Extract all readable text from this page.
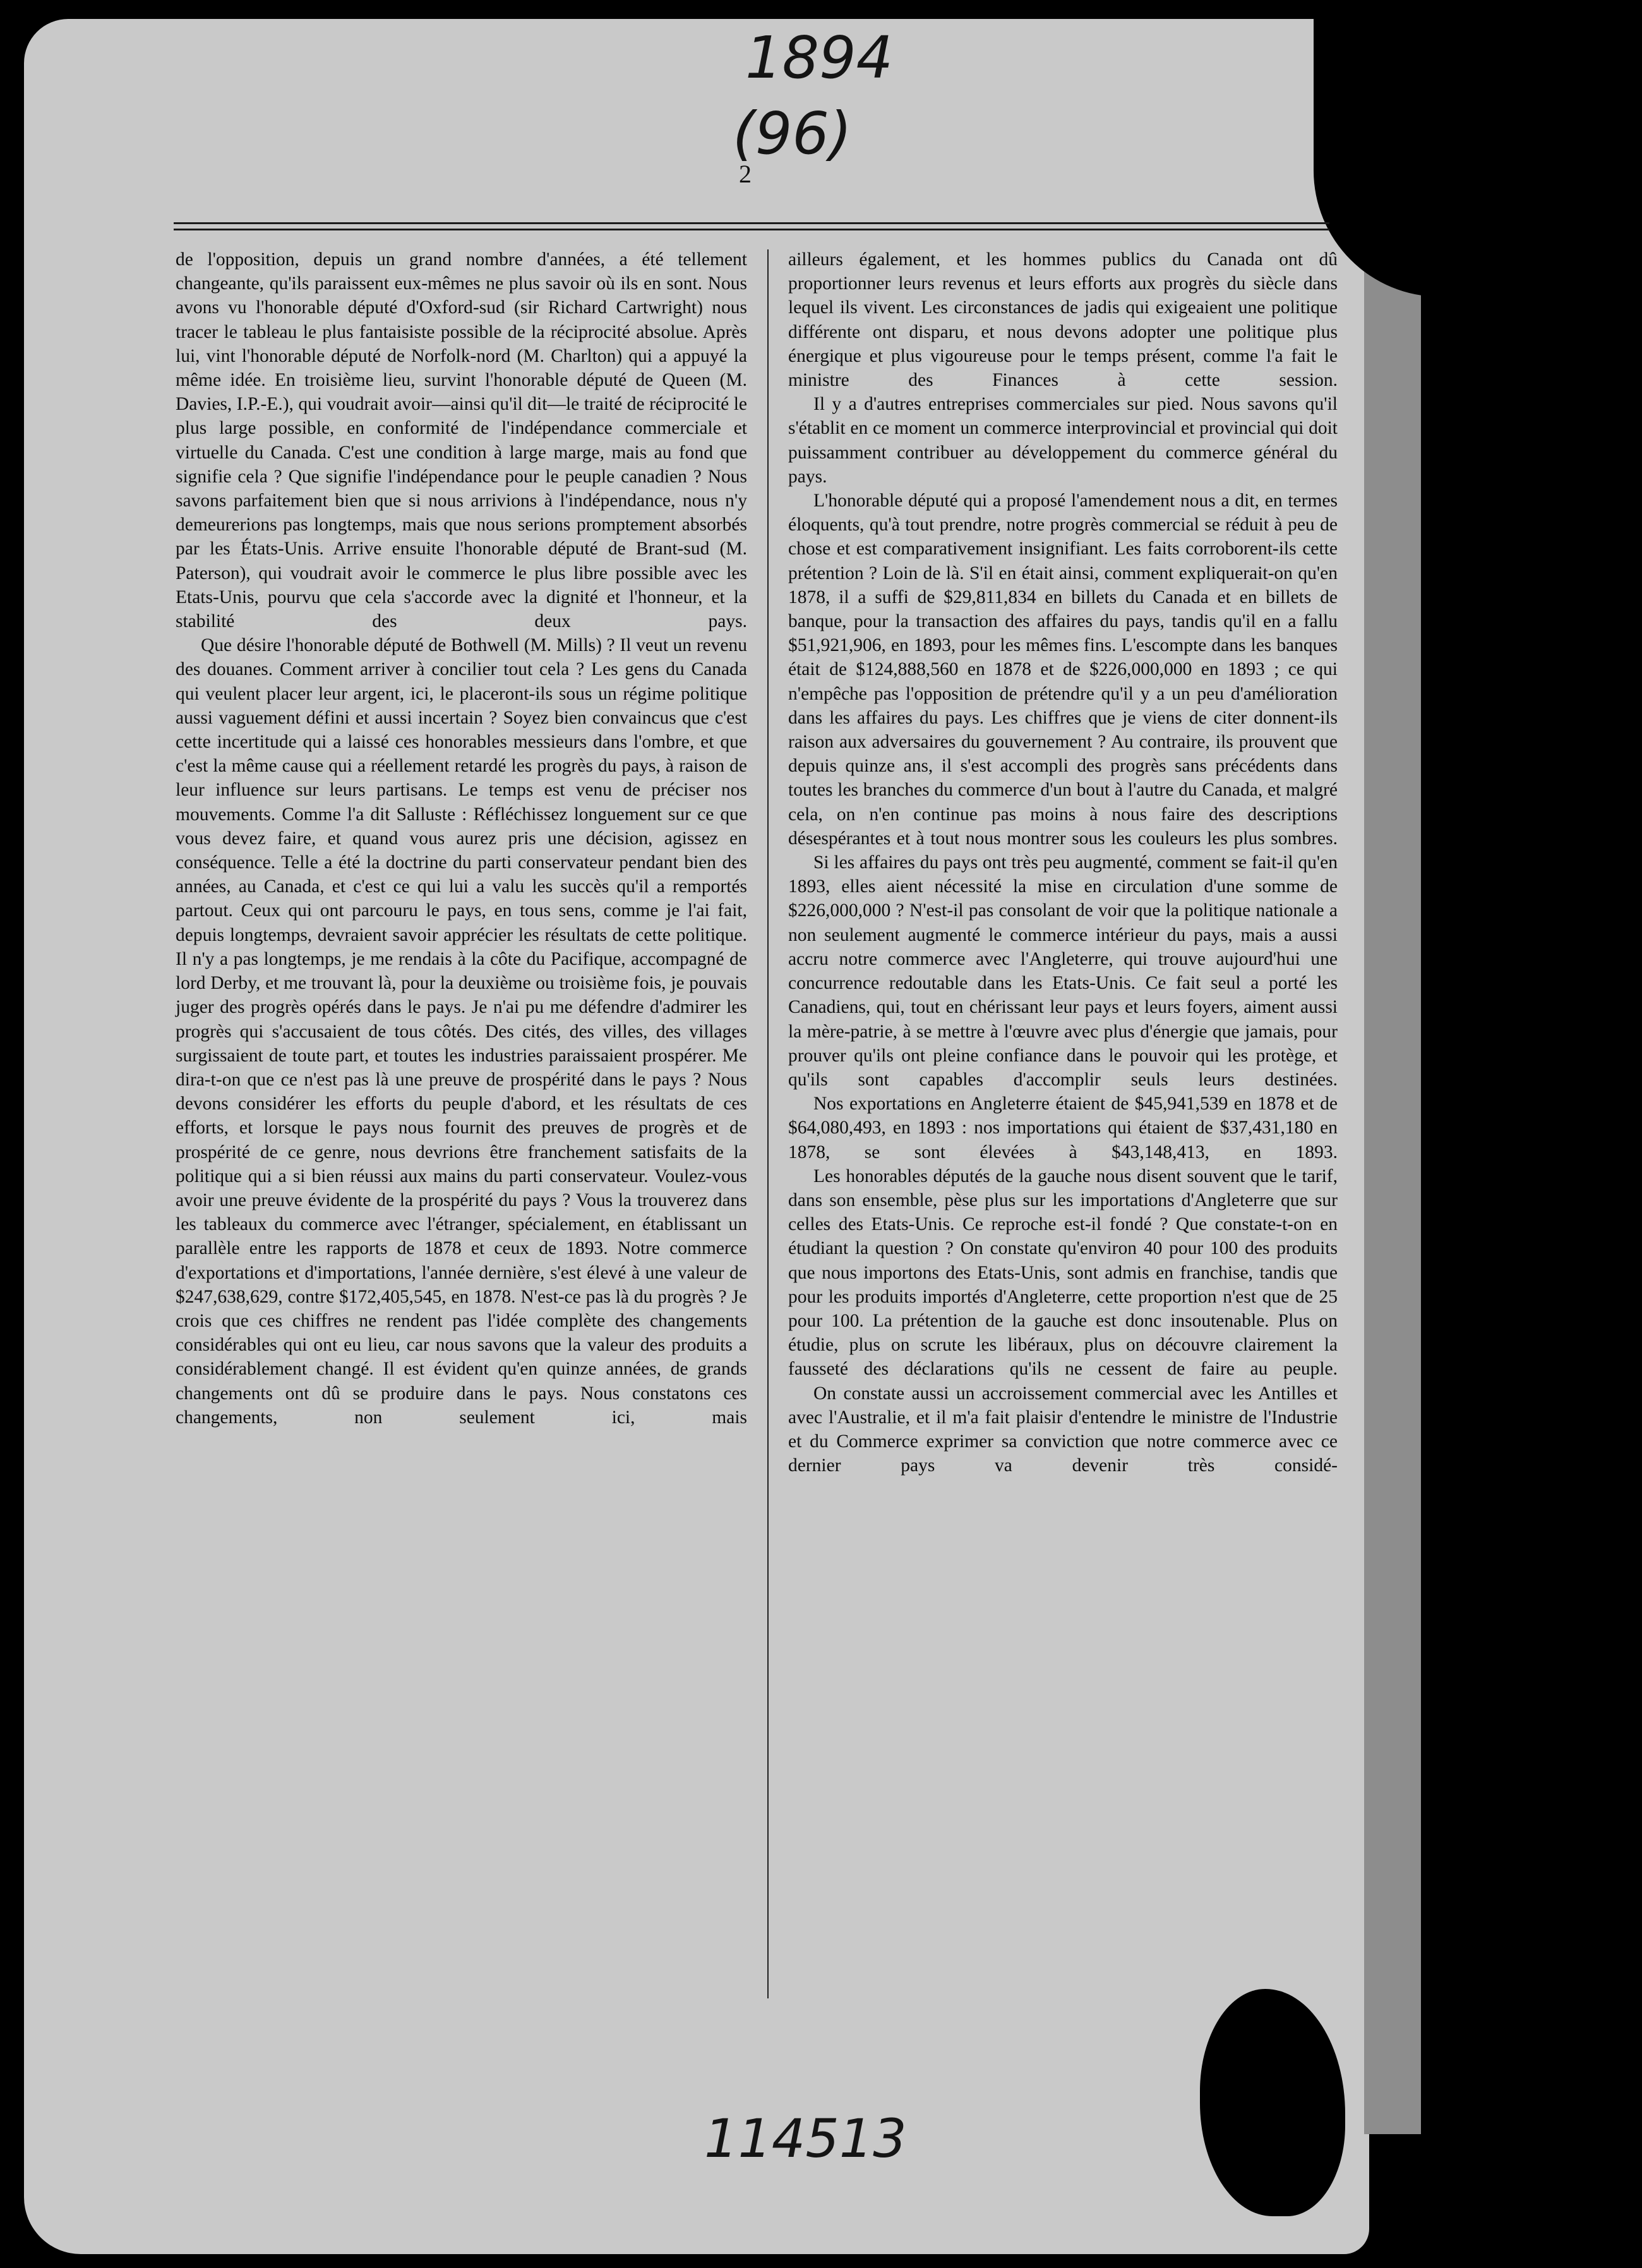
1894
(96)
2

de l'opposition, depuis un grand nombre d'années, a été tellement changeante, qu'ils paraissent eux-mêmes ne plus savoir où ils en sont. Nous avons vu l'honorable député d'Oxford-sud (sir Richard Cartwright) nous tracer le tableau le plus fantaisiste possible de la réciprocité absolue. Après lui, vint l'honorable député de Norfolk-nord (M. Charlton) qui a appuyé la même idée. En troisième lieu, survint l'honorable député de Queen (M. Davies, I.P.-E.), qui voudrait avoir—ainsi qu'il dit—le traité de réciprocité le plus large possible, en conformité de l'indépendance commerciale et virtuelle du Canada. C'est une condition à large marge, mais au fond que signifie cela ? Que signifie l'indépendance pour le peuple canadien ? Nous savons parfaitement bien que si nous arrivions à l'indépendance, nous n'y demeurerions pas longtemps, mais que nous serions promptement absorbés par les États-Unis. Arrive ensuite l'honorable député de Brant-sud (M. Paterson), qui voudrait avoir le commerce le plus libre possible avec les Etats-Unis, pourvu que cela s'accorde avec la dignité et l'honneur, et la stabilité des deux pays.

Que désire l'honorable député de Bothwell (M. Mills) ? Il veut un revenu des douanes. Comment arriver à concilier tout cela ? Les gens du Canada qui veulent placer leur argent, ici, le placeront-ils sous un régime politique aussi vaguement défini et aussi incertain ? Soyez bien convaincus que c'est cette incertitude qui a laissé ces honorables messieurs dans l'ombre, et que c'est la même cause qui a réellement retardé les progrès du pays, à raison de leur influence sur leurs partisans. Le temps est venu de préciser nos mouvements. Comme l'a dit Salluste : Réfléchissez longuement sur ce que vous devez faire, et quand vous aurez pris une décision, agissez en conséquence. Telle a été la doctrine du parti conservateur pendant bien des années, au Canada, et c'est ce qui lui a valu les succès qu'il a remportés partout. Ceux qui ont parcouru le pays, en tous sens, comme je l'ai fait, depuis longtemps, devraient savoir apprécier les résultats de cette politique. Il n'y a pas longtemps, je me rendais à la côte du Pacifique, accompagné de lord Derby, et me trouvant là, pour la deuxième ou troisième fois, je pouvais juger des progrès opérés dans le pays. Je n'ai pu me défendre d'admirer les progrès qui s'accusaient de tous côtés. Des cités, des villes, des villages surgissaient de toute part, et toutes les industries paraissaient prospérer. Me dira-t-on que ce n'est pas là une preuve de prospérité dans le pays ? Nous devons considérer les efforts du peuple d'abord, et les résultats de ces efforts, et lorsque le pays nous fournit des preuves de progrès et de prospérité de ce genre, nous devrions être franchement satisfaits de la politique qui a si bien réussi aux mains du parti conservateur. Voulez-vous avoir une preuve évidente de la prospérité du pays ? Vous la trouverez dans les tableaux du commerce avec l'étranger, spécialement, en établissant un parallèle entre les rapports de 1878 et ceux de 1893. Notre commerce d'exportations et d'importations, l'année dernière, s'est élevé à une valeur de $247,638,629, contre $172,405,545, en 1878. N'est-ce pas là du progrès ? Je crois que ces chiffres ne rendent pas l'idée complète des changements considérables qui ont eu lieu, car nous savons que la valeur des produits a considérablement changé. Il est évident qu'en quinze années, de grands changements ont dû se produire dans le pays. Nous constatons ces changements, non seulement ici, mais

ailleurs également, et les hommes publics du Canada ont dû proportionner leurs revenus et leurs efforts aux progrès du siècle dans lequel ils vivent. Les circonstances de jadis qui exigeaient une politique différente ont disparu, et nous devons adopter une politique plus énergique et plus vigoureuse pour le temps présent, comme l'a fait le ministre des Finances à cette session.

Il y a d'autres entreprises commerciales sur pied. Nous savons qu'il s'établit en ce moment un commerce interprovincial et provincial qui doit puissamment contribuer au développement du commerce général du pays.

L'honorable député qui a proposé l'amendement nous a dit, en termes éloquents, qu'à tout prendre, notre progrès commercial se réduit à peu de chose et est comparativement insignifiant. Les faits corroborent-ils cette prétention ? Loin de là. S'il en était ainsi, comment expliquerait-on qu'en 1878, il a suffi de $29,811,834 en billets du Canada et en billets de banque, pour la transaction des affaires du pays, tandis qu'il en a fallu $51,921,906, en 1893, pour les mêmes fins. L'escompte dans les banques était de $124,888,560 en 1878 et de $226,000,000 en 1893 ; ce qui n'empêche pas l'opposition de prétendre qu'il y a un peu d'amélioration dans les affaires du pays. Les chiffres que je viens de citer donnent-ils raison aux adversaires du gouvernement ? Au contraire, ils prouvent que depuis quinze ans, il s'est accompli des progrès sans précédents dans toutes les branches du commerce d'un bout à l'autre du Canada, et malgré cela, on n'en continue pas moins à nous faire des descriptions désespérantes et à tout nous montrer sous les couleurs les plus sombres.

Si les affaires du pays ont très peu augmenté, comment se fait-il qu'en 1893, elles aient nécessité la mise en circulation d'une somme de $226,000,000 ? N'est-il pas consolant de voir que la politique nationale a non seulement augmenté le commerce intérieur du pays, mais a aussi accru notre commerce avec l'Angleterre, qui trouve aujourd'hui une concurrence redoutable dans les Etats-Unis. Ce fait seul a porté les Canadiens, qui, tout en chérissant leur pays et leurs foyers, aiment aussi la mère-patrie, à se mettre à l'œuvre avec plus d'énergie que jamais, pour prouver qu'ils ont pleine confiance dans le pouvoir qui les protège, et qu'ils sont capables d'accomplir seuls leurs destinées.

Nos exportations en Angleterre étaient de $45,941,539 en 1878 et de $64,080,493, en 1893 : nos importations qui étaient de $37,431,180 en 1878, se sont élevées à $43,148,413, en 1893.

Les honorables députés de la gauche nous disent souvent que le tarif, dans son ensemble, pèse plus sur les importations d'Angleterre que sur celles des Etats-Unis. Ce reproche est-il fondé ? Que constate-t-on en étudiant la question ? On constate qu'environ 40 pour 100 des produits que nous importons des Etats-Unis, sont admis en franchise, tandis que pour les produits importés d'Angleterre, cette proportion n'est que de 25 pour 100. La prétention de la gauche est donc insoutenable. Plus on étudie, plus on scrute les libéraux, plus on découvre clairement la fausseté des déclarations qu'ils ne cessent de faire au peuple.

On constate aussi un accroissement commercial avec les Antilles et avec l'Australie, et il m'a fait plaisir d'entendre le ministre de l'Industrie et du Commerce exprimer sa conviction que notre commerce avec ce dernier pays va devenir très considé-

114513
